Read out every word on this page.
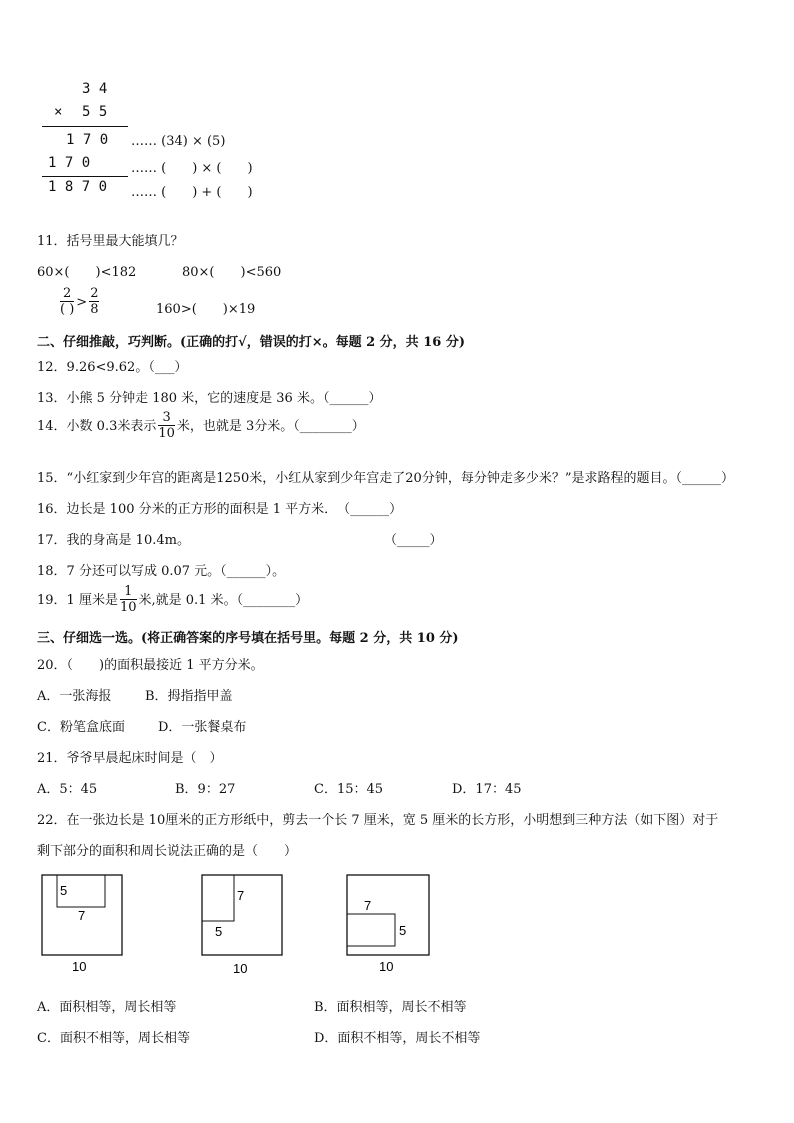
3 4
× 5 5
1 7 0 …… (34) × (5)
1 7 0	…… (　　) × (　　)
1 8 7 0 …… (　　) + (　　)
11．括号里最大能填几？
60×(　　)<182	80×(　　)<560
$\frac{2}{( )} > \frac{2}{8}$	160>(　　)×19
二、仔细推敲，巧判断。(正确的打√，错误的打×。每题 2 分，共 16 分)
12．9.26<9.62。（___）
13．小熊 5 分钟走 180 米，它的速度是 36 米。（______）
14．小数 0.3米表示 $\frac{3}{10}$ 米，也就是 3分米。（________）
15．“小红家到少年宫的距离是1250米，小红从家到少年宫走了20分钟，每分钟走多少米？”是求路程的题目。（______）
16．边长是 100 分米的正方形的面积是 1 平方米．　（______）
17．我的身高是 10.4m。	（_____）
18．7 分还可以写成 0.07 元。（______）。
19．1 厘米是 $\frac{1}{10}$ 米,就是 0.1 米。（________）
三、仔细选一选。(将正确答案的序号填在括号里。每题 2 分，共 10 分)
20．（　　)的面积最接近 1 平方分米。
A．一张海报	B．拇指指甲盖
C．粉笔盒底面	D．一张餐桌布
21．爷爷早晨起床时间是（　）
A．5：45	B．9：27	C．15：45	D．17：45
22．在一张边长是 10厘米的正方形纸中，剪去一个长 7 厘米，宽 5 厘米的长方形，小明想到三种方法（如下图）对于
剩下部分的面积和周长说法正确的是（　　）
5
7
10
7
5
10
7
5
10
A．面积相等，周长相等	B．面积相等，周长不相等
C．面积不相等，周长相等	D．面积不相等，周长不相等
